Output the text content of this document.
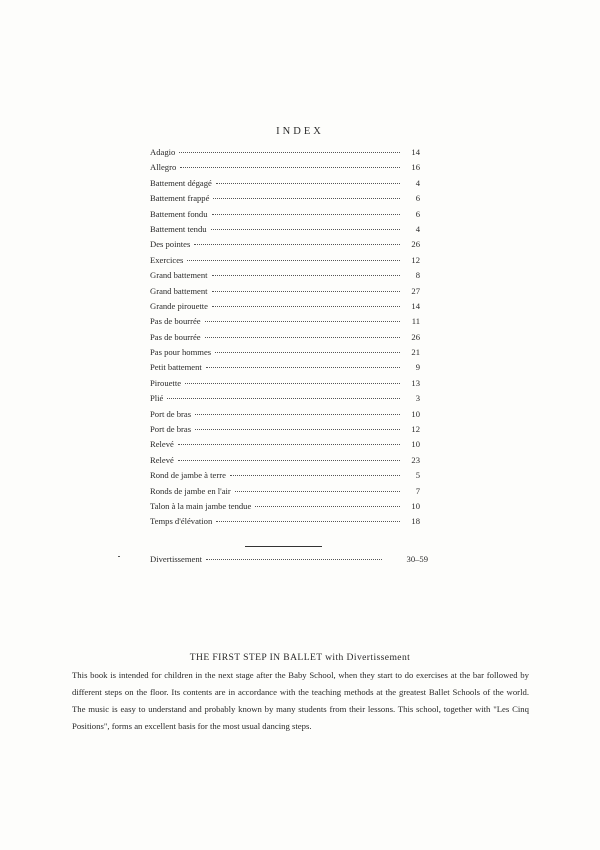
INDEX
Adagio	14
Allegro	16
Battement dégagé	4
Battement frappé	6
Battement fondu	6
Battement tendu	4
Des pointes	26
Exercices	12
Grand battement	8
Grand battement	27
Grande pirouette	14
Pas de bourrée	11
Pas de bourrée	26
Pas pour hommes	21
Petit battement	9
Pirouette	13
Plié	3
Port de bras	10
Port de bras	12
Relevé	10
Relevé	23
Rond de jambe à terre	5
Ronds de jambe en l'air	7
Talon à la main jambe tendue	10
Temps d'élévation	18
Divertissement	30–59
THE FIRST STEP IN BALLET with Divertissement
This book is intended for children in the next stage after the Baby School, when they start to do exercises at the bar followed by different steps on the floor. Its contents are in accordance with the teaching methods at the greatest Ballet Schools of the world. The music is easy to understand and probably known by many students from their lessons. This school, together with "Les Cinq Positions", forms an excellent basis for the most usual dancing steps.
